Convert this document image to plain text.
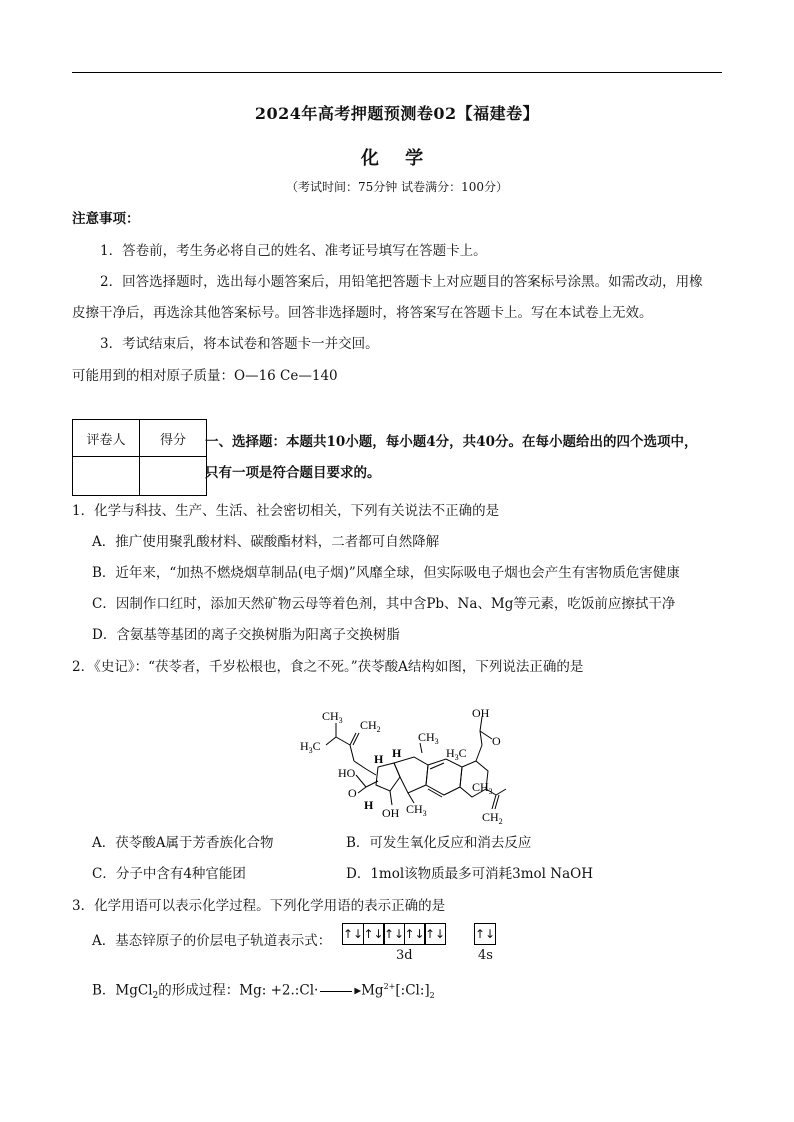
2024年高考押题预测卷02【福建卷】
化 学
（考试时间：75分钟 试卷满分：100分）
注意事项：
1．答卷前，考生务必将自己的姓名、准考证号填写在答题卡上。
2．回答选择题时，选出每小题答案后，用铅笔把答题卡上对应题目的答案标号涂黑。如需改动，用橡
皮擦干净后，再选涂其他答案标号。回答非选择题时，将答案写在答题卡上。写在本试卷上无效。
3．考试结束后，将本试卷和答题卡一并交回。
可能用到的相对原子质量：O—16 Ce—140
评卷人	得分
	一、选择题：本题共10小题，每小题4分，共40分。在每小题给出的四个选项中，
只有一项是符合题目要求的。
1．化学与科技、生产、生活、社会密切相关，下列有关说法不正确的是
A．推广使用聚乳酸材料、碳酸酯材料，二者都可自然降解
B．近年来，“加热不燃烧烟草制品(电子烟)”风靡全球，但实际吸电子烟也会产生有害物质危害健康
C．因制作口红时，添加天然矿物云母等着色剂，其中含Pb、Na、Mg等元素，吃饭前应擦拭干净
D．含氨基等基团的离子交换树脂为阳离子交换树脂
2．《史记》：“茯苓者，千岁松根也，食之不死。”茯苓酸A结构如图，下列说法正确的是
$CH_3$ $CH_2$
$H_3C$
HO
H
$CH_3$
H	$H_3C$
OH
O
O
H
OH $CH_3$
$CH_3$
$CH_2$
A．茯苓酸A属于芳香族化合物	B．可发生氧化反应和消去反应
C．分子中含有4种官能团	D．1mol该物质最多可消耗3mol NaOH
3．化学用语可以表示化学过程。下列化学用语的表示正确的是
A．基态锌原子的价层电子轨道表示式： ↑↓↑↓↑↓↑↓↑↓ ↑↓
3d	4s
B．MgCl$_2$的形成过程：Mg: +2.:Cl·	$▸Mg^{2+}[:Cl:]_2$
